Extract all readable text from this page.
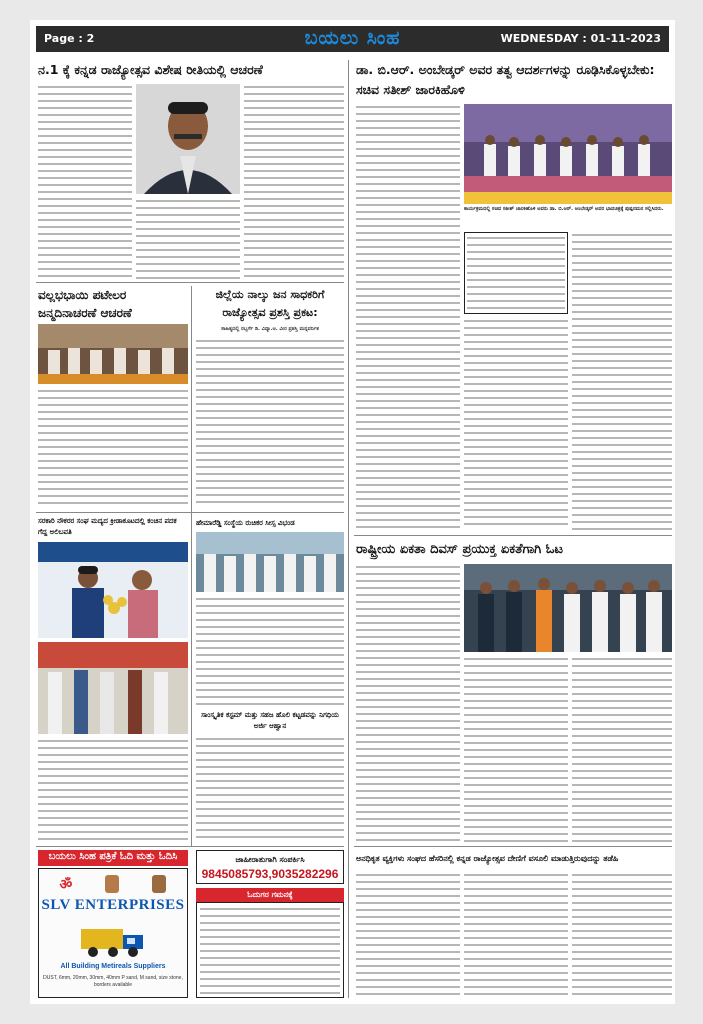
Page : 2	ಬಯಲು ಸಿಂಹ	WEDNESDAY : 01-11-2023
ನ.1 ಕ್ಕೆ ಕನ್ನಡ ರಾಜ್ಯೋತ್ಸವ ವಿಶೇಷ ರೀತಿಯಲ್ಲಿ ಆಚರಣೆ	ಡಾ. ಬಿ.ಆರ್. ಅಂಬೇಡ್ಕರ್ ಅವರ ತತ್ವ ಆದರ್ಶಗಳನ್ನು ರೂಢಿಸಿಕೊಳ್ಳಬೇಕು: ಸಚಿವ ಸತೀಶ್ ಜಾರಕಿಹೊಳಿ
ಕಾರ್ಯಕ್ರಮದಲ್ಲಿ ಸಚಿವ ಸತೀಶ್ ಜಾರಕಿಹೊಳಿ ಅವರು ಡಾ. ಬಿ.ಆರ್. ಅಂಬೇಡ್ಕರ್ ಅವರ ಭಾವಚಿತ್ರಕ್ಕೆ ಪುಷ್ಪನಮನ ಸಲ್ಲಿಸಿದರು.
ವಲ್ಲಭಭಾಯಿ ಪಟೇಲರ ಜನ್ಮದಿನಾಚರಣೆ ಆಚರಣೆ
ಜಿಲ್ಲೆಯ ನಾಲ್ಕು ಜನ ಸಾಧಕರಿಗೆ ರಾಜ್ಯೋತ್ಸವ ಪ್ರಶಸ್ತಿ ಪ್ರಕಟ:
ಸಾಹಿತ್ಯದಲ್ಲಿ ರಬ್ಬರ್ಗೆ ಡಿ. ವಿದ್ಯಾ.ಆ. ವೀರ ಪ್ರಶಸ್ತಿ ಮನ್ನವರ್ನಿತ
ಸರಕಾರಿ ನೌಕರರ ಸಂಘ ಮದ್ಯದ ಕ್ರೀಡಾಕೂಟದಲ್ಲಿ ಕಂಚಿನ ಪದಕ ಗೆದ್ದ ಅಲಿಬವತಿ
ಹೇಮಾರೆಡ್ಡಿ ಸಂಸ್ಥೆಯ ರುಚಿಕರ ಸೀಸ್ಸ ವಿಭಂಡ
ಸಾಂಸ್ಕೃತಿಕ ಕಸ್ಟಮ್ ಮತ್ತು ಸಹಜ ಹೊಲಿ ಕಟ್ಟಡವನ್ನು ನಿಗಧಿಯ ಅರ್ಜಿ ಆಹ್ವಾನ
ರಾಷ್ಟ್ರೀಯ ಏಕತಾ ದಿವಸ್ ಪ್ರಯುಕ್ತ ಏಕತೆಗಾಗಿ ಓಟ
ಅನಧಿಕೃತ ವ್ಯಕ್ತಿಗಳು ಸಂಘದ ಹೆಸರಿನಲ್ಲಿ ಕನ್ನಡ ರಾಜ್ಯೋತ್ಸವ ದೇಣಿಗೆ ವಸೂಲಿ ಮಾಡುತ್ತಿರುವುದನ್ನು ತಡೆಹಿ
ಬಯಲು ಸಿಂಹ ಪತ್ರಿಕೆ ಓದಿ ಮತ್ತು ಓದಿಸಿ
ॐ
SLV ENTERPRISES
All Building Metireals Suppliers
DUST, 6mm, 20mm, 30mm, 40mm P sand, M sand, size stone, borders available
ಜಾಹೀರಾತುಗಾಗಿ ಸಂಪರ್ಕಿಸಿ
9845085793,9035282296
ಓದುಗರ ಗಮನಕ್ಕೆ
